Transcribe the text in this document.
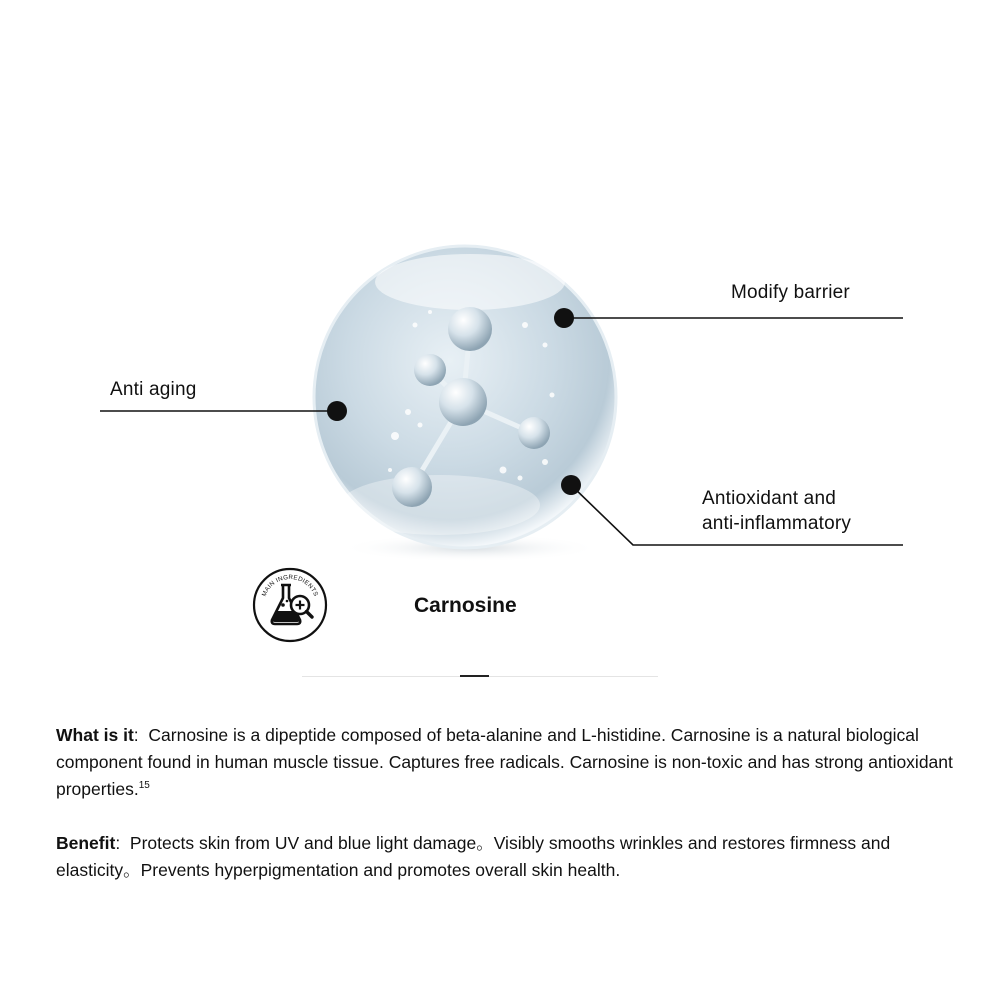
Modify barrier
Anti aging
Antioxidant and
anti-inflammatory
MAIN INGREDIENTS	Carnosine
What is it: Carnosine is a dipeptide composed of beta-alanine and L-histidine. Carnosine is a natural biological component found in human muscle tissue. Captures free radicals. Carnosine is non-toxic and has strong antioxidant properties.$^{15}$
Benefit: Protects skin from UV and blue light damage。Visibly smooths wrinkles and restores firmness and elasticity。Prevents hyperpigmentation and promotes overall skin health.
